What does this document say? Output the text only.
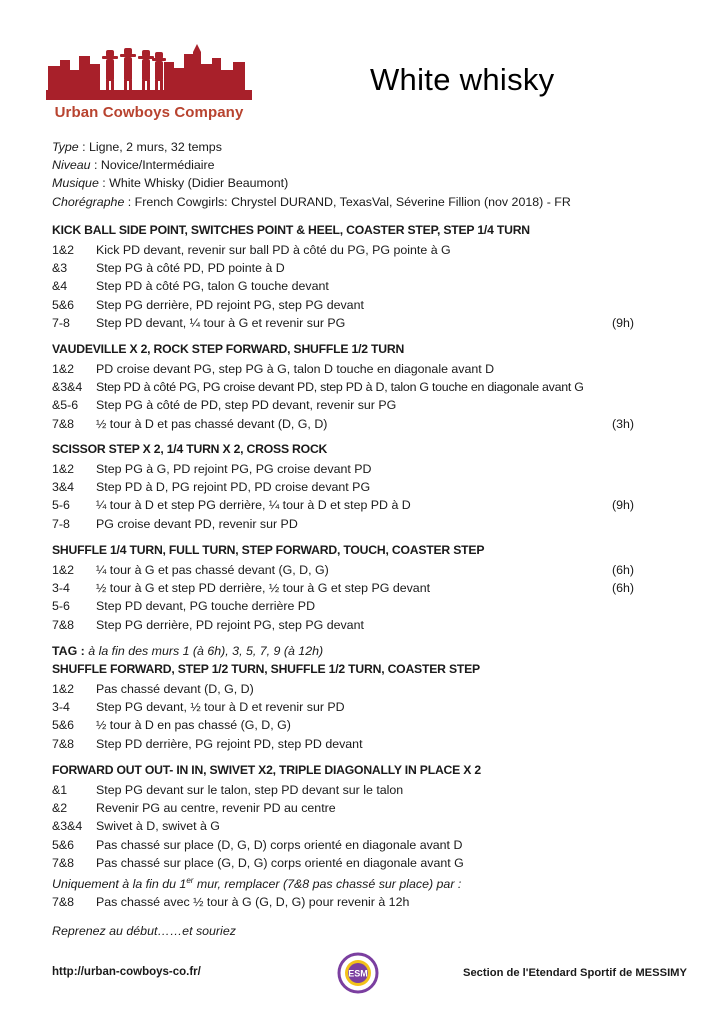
Urban Cowboys Company
White whisky
Type : Ligne, 2 murs, 32 temps
Niveau : Novice/Intermédiaire
Musique : White Whisky (Didier Beaumont)
Chorégraphe : French Cowgirls: Chrystel DURAND, TexasVal, Séverine Fillion (nov 2018) - FR
KICK BALL SIDE POINT, SWITCHES POINT & HEEL, COASTER STEP, STEP 1/4 TURN
1&2	Kick PD devant, revenir sur ball PD à côté du PG, PG pointe à G
&3	Step PG à côté PD, PD pointe à D
&4	Step PD à côté PG, talon G touche devant
5&6	Step PG derrière, PD rejoint PG, step PG devant
7-8	Step PD devant, ¼ tour à G et revenir sur PG	(9h)
VAUDEVILLE X 2, ROCK STEP FORWARD, SHUFFLE 1/2 TURN
1&2	PD croise devant PG, step PG à G, talon D touche en diagonale avant D
&3&4	Step PD à côté PG, PG croise devant PD, step PD à D, talon G touche en diagonale avant G
&5-6	Step PG à côté de PD, step PD devant, revenir sur PG
7&8	½ tour à D et pas chassé devant (D, G, D)	(3h)
SCISSOR STEP X 2, 1/4 TURN X 2, CROSS ROCK
1&2	Step PG à G, PD rejoint PG, PG croise devant PD
3&4	Step PD à D, PG rejoint PD, PD croise devant PG
5-6	¼ tour à D et step PG derrière, ¼ tour à D et step PD à D	(9h)
7-8	PG croise devant PD, revenir sur PD
SHUFFLE 1/4 TURN, FULL TURN, STEP FORWARD, TOUCH, COASTER STEP
1&2	¼ tour à G et pas chassé devant (G, D, G)	(6h)
3-4	½ tour à G et step PD derrière, ½ tour à G et step PG devant	(6h)
5-6	Step PD devant, PG touche derrière PD
7&8	Step PG derrière, PD rejoint PG, step PG devant
TAG : à la fin des murs 1 (à 6h), 3, 5, 7, 9 (à 12h)
SHUFFLE FORWARD, STEP 1/2 TURN, SHUFFLE 1/2 TURN, COASTER STEP
1&2	Pas chassé devant (D, G, D)
3-4	Step PG devant, ½ tour à D et revenir sur PD
5&6	½ tour à D en pas chassé (G, D, G)
7&8	Step PD derrière, PG rejoint PD, step PD devant
FORWARD OUT OUT- IN IN, SWIVET X2, TRIPLE DIAGONALLY IN PLACE X 2
&1	Step PG devant sur le talon, step PD devant sur le talon
&2	Revenir PG au centre, revenir PD au centre
&3&4	Swivet à D, swivet à G
5&6	Pas chassé sur place (D, G, D) corps orienté en diagonale avant D
7&8	Pas chassé sur place (G, D, G) corps orienté en diagonale avant G
Uniquement à la fin du 1er mur, remplacer (7&8 pas chassé sur place) par :
7&8	Pas chassé avec ½ tour à G (G, D, G) pour revenir à 12h
Reprenez au début……et souriez
http://urban-cowboys-co.fr/	ESM	Section de l'Etendard Sportif de MESSIMY
